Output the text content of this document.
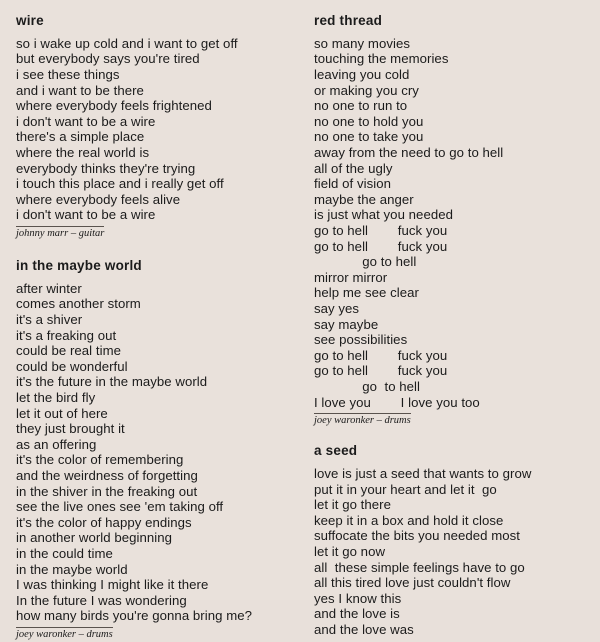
wire
so i wake up cold and i want to get off
but everybody says you're tired
i see these things
and i want to be there
where everybody feels frightened
i don't want to be a wire
there's a simple place
where the real world is
everybody thinks they're trying
i touch this place and i really get off
where everybody feels alive
i don't want to be a wire
johnny marr – guitar
in the maybe world
after winter
comes another storm
it's a shiver
it's a freaking out
could be real time
could be wonderful
it's the future in the maybe world
let the bird fly
let it out of here
they just brought it
as an offering
it's the color of remembering
and the weirdness of forgetting
in the shiver in the freaking out
see the live ones see 'em taking off
it's the color of happy endings
in another world beginning
in the could time
in the maybe world
I was thinking I might like it there
In the future I was wondering
how many birds you're gonna bring me?
joey waronker – drums
red thread
so many movies
touching the memories
leaving you cold
or making you cry
no one to run to
no one to hold you
no one to take you
away from the need to go to hell
all of the ugly
field of vision
maybe the anger
is just what you needed
go to hell        fuck you
go to hell        fuck you
go to hell
mirror mirror
help me see clear
say yes
say maybe
see possibilities
go to hell        fuck you
go to hell        fuck you
go  to hell
I love you        I love you too
joey waronker – drums
a seed
love is just a seed that wants to grow
put it in your heart and let it  go
let it go there
keep it in a box and hold it close
suffocate the bits you needed most
let it go now
all  these simple feelings have to go
all this tired love just couldn't flow
yes I know this
and the love is
and the love was
